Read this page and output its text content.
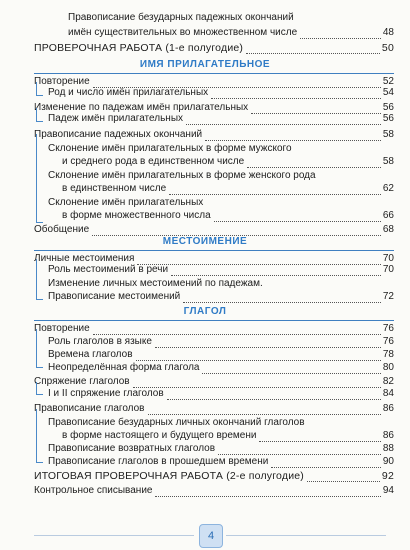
Правописание безударных падежных окончаний
имён существительных во множественном числе	48
ПРОВЕРОЧНАЯ РАБОТА (1-е полугодие)	50
ИМЯ ПРИЛАГАТЕЛЬНОЕ
Повторение	52
Род и число имён прилагательных	54
Изменение по падежам имён прилагательных	56
Падеж имён прилагательных	56
Правописание падежных окончаний	58
Склонение имён прилагательных в форме мужского
и среднего рода в единственном числе	58
Склонение имён прилагательных в форме женского рода
в единственном числе	62
Склонение имён прилагательных
в форме множественного числа	66
Обобщение	68
МЕСТОИМЕНИЕ
Личные местоимения	70
Роль местоимений в речи	70
Изменение личных местоимений по падежам.
Правописание местоимений	72
ГЛАГОЛ
Повторение	76
Роль глаголов в языке	76
Времена глаголов	78
Неопределённая форма глагола	80
Спряжение глаголов	82
I и II спряжение глаголов	84
Правописание глаголов	86
Правописание безударных личных окончаний глаголов
в форме настоящего и будущего времени	86
Правописание возвратных глаголов	88
Правописание глаголов в прошедшем времени	90
ИТОГОВАЯ ПРОВЕРОЧНАЯ РАБОТА (2-е полугодие)	92
Контрольное списывание	94
4
